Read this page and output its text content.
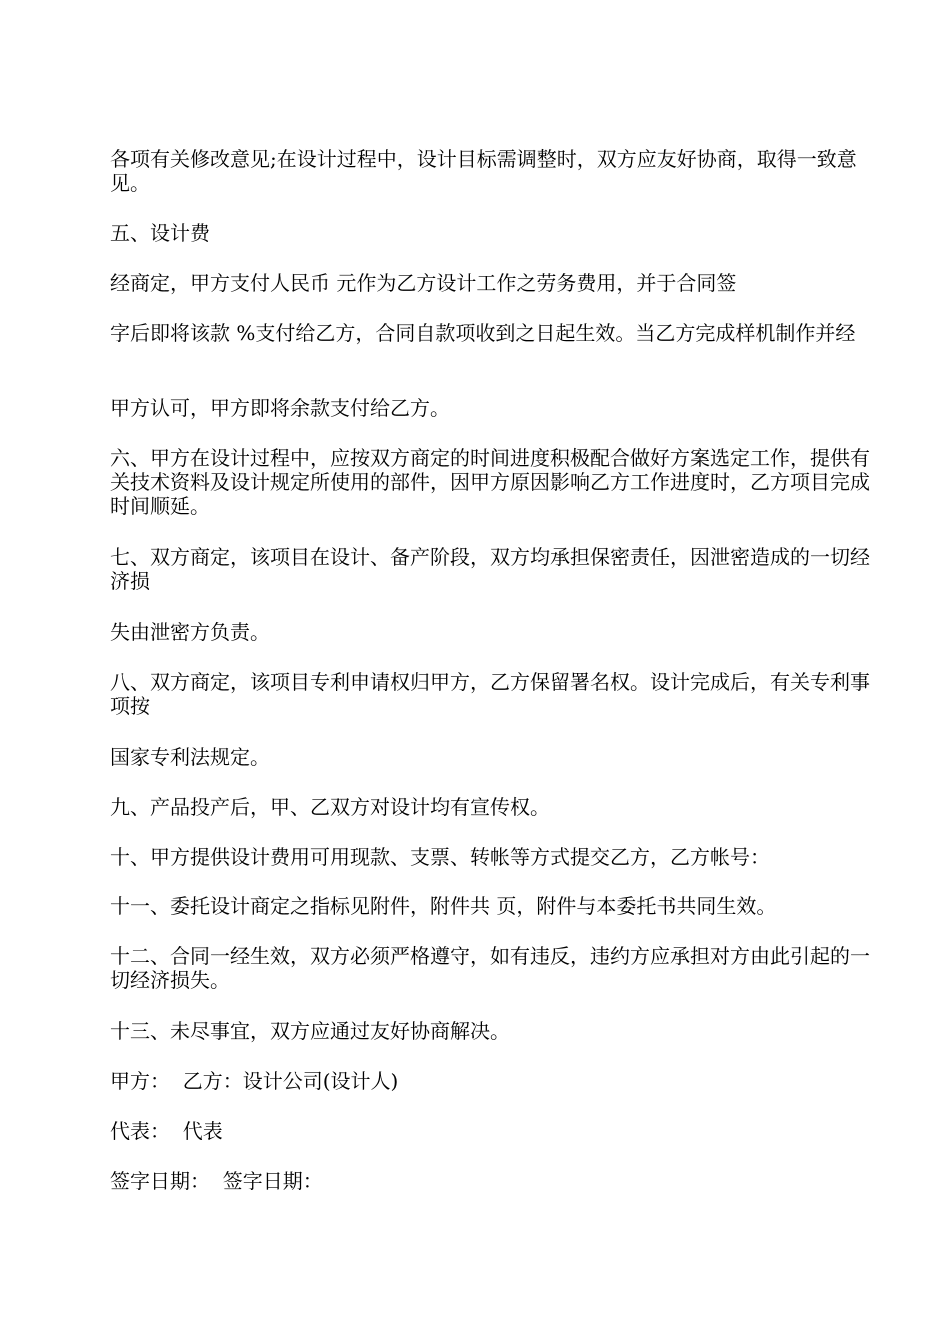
各项有关修改意见;在设计过程中，设计目标需调整时，双方应友好协商，取得一致意见。

五、设计费

经商定，甲方支付人民币 元作为乙方设计工作之劳务费用，并于合同签

字后即将该款 %支付给乙方，合同自款项收到之日起生效。当乙方完成样机制作并经

甲方认可，甲方即将余款支付给乙方。

六、甲方在设计过程中，应按双方商定的时间进度积极配合做好方案选定工作，提供有关技术资料及设计规定所使用的部件，因甲方原因影响乙方工作进度时，乙方项目完成时间顺延。

七、双方商定，该项目在设计、备产阶段，双方均承担保密责任，因泄密造成的一切经济损

失由泄密方负责。

八、双方商定，该项目专利申请权归甲方，乙方保留署名权。设计完成后，有关专利事项按

国家专利法规定。

九、产品投产后，甲、乙双方对设计均有宣传权。

十、甲方提供设计费用可用现款、支票、转帐等方式提交乙方，乙方帐号：

十一、委托设计商定之指标见附件，附件共 页，附件与本委托书共同生效。

十二、合同一经生效，双方必须严格遵守，如有违反，违约方应承担对方由此引起的一切经济损失。

十三、未尽事宜，双方应通过友好协商解决。

甲方：  乙方：设计公司(设计人)

代表：  代表

签字日期：  签字日期：
